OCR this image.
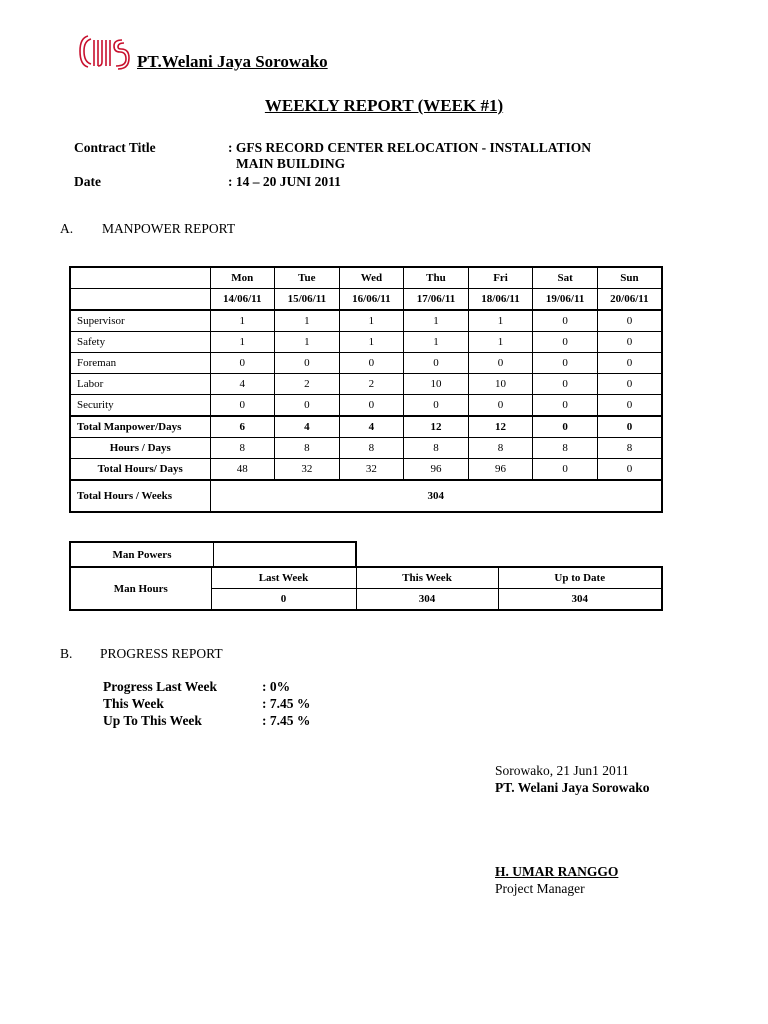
PT.Welani Jaya Sorowako
WEEKLY REPORT (WEEK #1)
Contract Title	: GFS RECORD CENTER RELOCATION - INSTALLATION
MAIN BUILDING
Date	: 14 – 20 JUNI 2011
A. MANPOWER REPORT
	Mon	Tue	Wed	Thu	Fri	Sat	Sun
	14/06/11	15/06/11	16/06/11	17/06/11	18/06/11	19/06/11	20/06/11
Supervisor	1	1	1	1	1	0	0
Safety	1	1	1	1	1	0	0
Foreman	0	0	0	0	0	0	0
Labor	4	2	2	10	10	0	0
Security	0	0	0	0	0	0	0
Total Manpower/Days	6	4	4	12	12	0	0
Hours / Days	8	8	8	8	8	8	8
Total Hours/ Days	48	32	32	96	96	0	0
Total Hours / Weeks	304						
Man Powers
Man Hours	Last Week	This Week	Up to Date
	0	304	304
B. PROGRESS REPORT
Progress Last Week	: 0%
This Week	: 7.45 %
Up To This Week	: 7.45 %
Sorowako, 21 Jun1 2011
PT. Welani Jaya Sorowako
H. UMAR RANGGO
Project Manager
